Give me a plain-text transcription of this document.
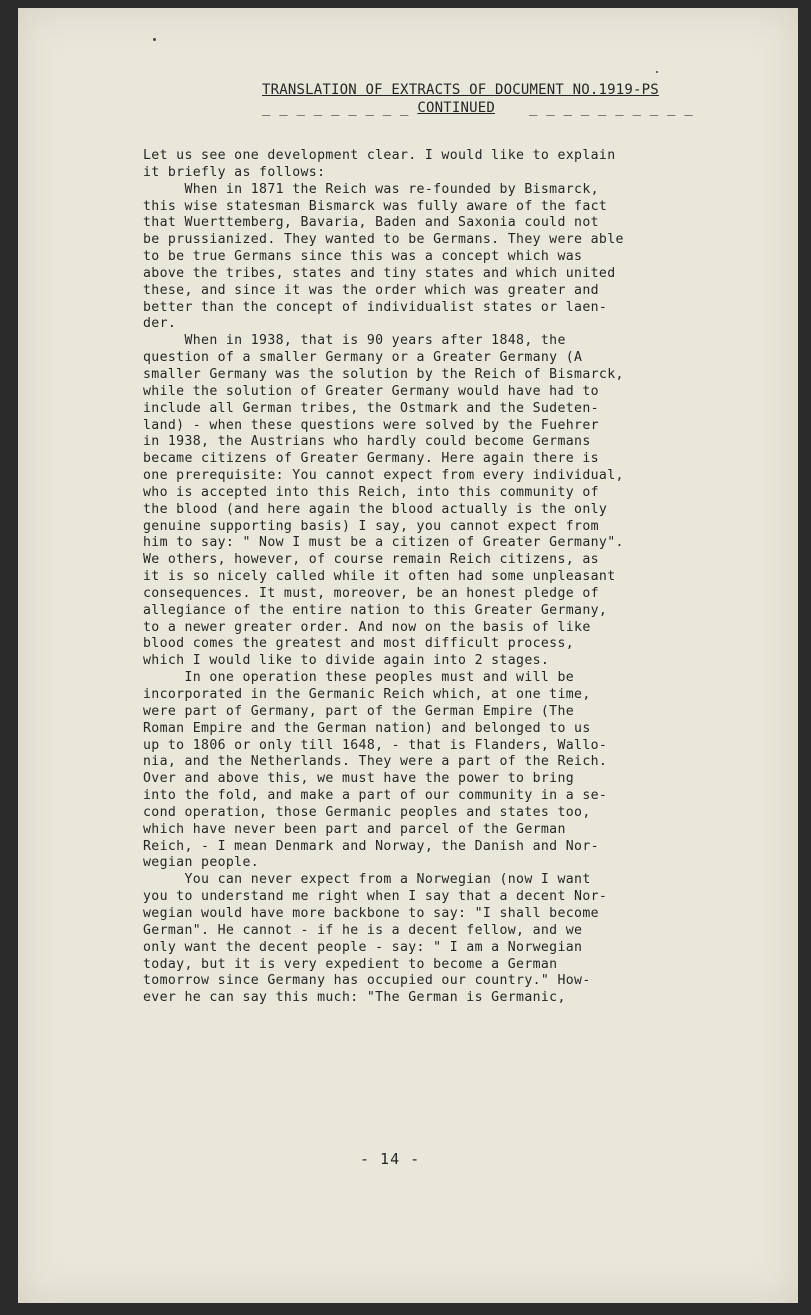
TRANSLATION OF EXTRACTS OF DOCUMENT NO.1919-PS
_ _ _ _ _ _ _ _ _ CONTINUED _ _ _ _ _ _ _ _ _ _
Let us see one development clear. I would like to explain
it briefly as follows:
When in 1871 the Reich was re-founded by Bismarck,
this wise statesman Bismarck was fully aware of the fact
that Wuerttemberg, Bavaria, Baden and Saxonia could not
be prussianized. They wanted to be Germans. They were able
to be true Germans since this was a concept which was
above the tribes, states and tiny states and which united
these, and since it was the order which was greater and
better than the concept of individualist states or laen-
der.
When in 1938, that is 90 years after 1848, the
question of a smaller Germany or a Greater Germany (A
smaller Germany was the solution by the Reich of Bismarck,
while the solution of Greater Germany would have had to
include all German tribes, the Ostmark and the Sudeten-
land) - when these questions were solved by the Fuehrer
in 1938, the Austrians who hardly could become Germans
became citizens of Greater Germany. Here again there is
one prerequisite: You cannot expect from every individual,
who is accepted into this Reich, into this community of
the blood (and here again the blood actually is the only
genuine supporting basis) I say, you cannot expect from
him to say: " Now I must be a citizen of Greater Germany".
We others, however, of course remain Reich citizens, as
it is so nicely called while it often had some unpleasant
consequences. It must, moreover, be an honest pledge of
allegiance of the entire nation to this Greater Germany,
to a newer greater order. And now on the basis of like
blood comes the greatest and most difficult process,
which I would like to divide again into 2 stages.
In one operation these peoples must and will be
incorporated in the Germanic Reich which, at one time,
were part of Germany, part of the German Empire (The
Roman Empire and the German nation) and belonged to us
up to 1806 or only till 1648, - that is Flanders, Wallo-
nia, and the Netherlands. They were a part of the Reich.
Over and above this, we must have the power to bring
into the fold, and make a part of our community in a se-
cond operation, those Germanic peoples and states too,
which have never been part and parcel of the German
Reich, - I mean Denmark and Norway, the Danish and Nor-
wegian people.
You can never expect from a Norwegian (now I want
you to understand me right when I say that a decent Nor-
wegian would have more backbone to say: "I shall become
German". He cannot - if he is a decent fellow, and we
only want the decent people - say: " I am a Norwegian
today, but it is very expedient to become a German
tomorrow since Germany has occupied our country." How-
ever he can say this much: "The German is Germanic,
- 14 -
